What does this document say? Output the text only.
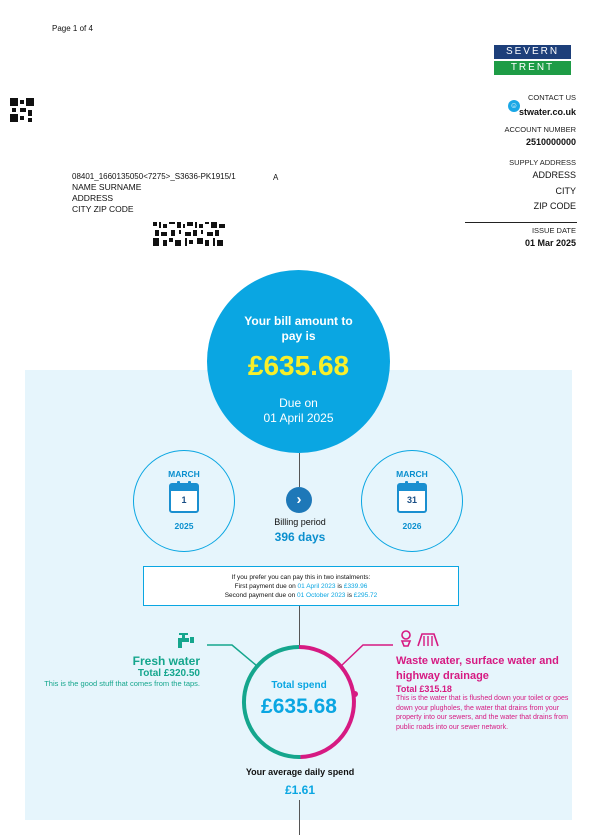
Page 1 of 4
SEVERN
TRENT
☺
CONTACT US
stwater.co.uk
ACCOUNT NUMBER
2510000000
SUPPLY ADDRESS
ADDRESS
CITY
ZIP CODE
ISSUE DATE
01 Mar 2025
08401_1660135050<7275>_S3636-PK1915/1
NAME SURNAME
ADDRESS
CITY ZIP CODE
A
Your bill amount to pay is
£635.68
Due on
01 April 2025
MARCH
1
2025
MARCH
31
2026
›
Billing period
396 days
If you prefer you can pay this in two instalments:
First payment due on 01 April 2023 is £339.96
Second payment due on 01 October 2023 is £295.72
Total spend
£635.68
Fresh water
Total £320.50
This is the good stuff that comes from the taps.
Waste water, surface water and highway drainage
Total £315.18
This is the water that is flushed down your toilet or goes down your plugholes, the water that drains from your property into our sewers, and the water that drains from public roads into our sewer network.
Your average daily spend
£1.61
